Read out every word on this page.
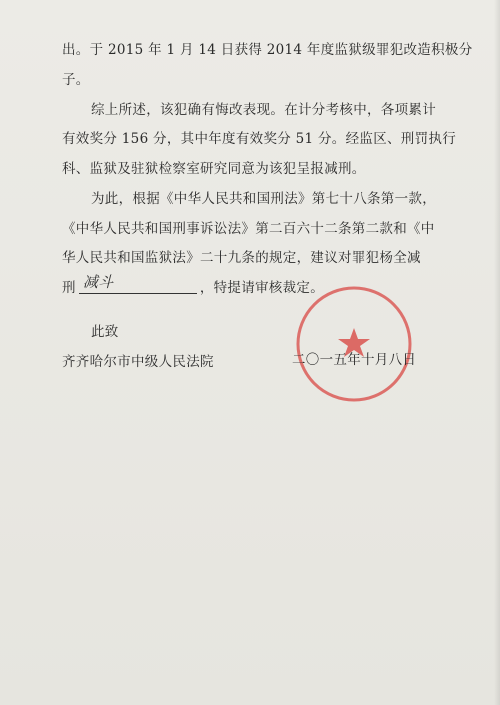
出。于 2015 年 1 月 14 日获得 2014 年度监狱级罪犯改造积极分
子。
综上所述，该犯确有悔改表现。在计分考核中，各项累计
有效奖分 156 分，其中年度有效奖分 51 分。经监区、刑罚执行
科、监狱及驻狱检察室研究同意为该犯呈报减刑。
为此，根据《中华人民共和国刑法》第七十八条第一款，
《中华人民共和国刑事诉讼法》第二百六十二条第二款和《中
华人民共和国监狱法》二十九条的规定，建议对罪犯杨全减
刑 减斗	，特提请审核裁定。
此致
齐齐哈尔市中级人民法院	二〇一五年十月八日
